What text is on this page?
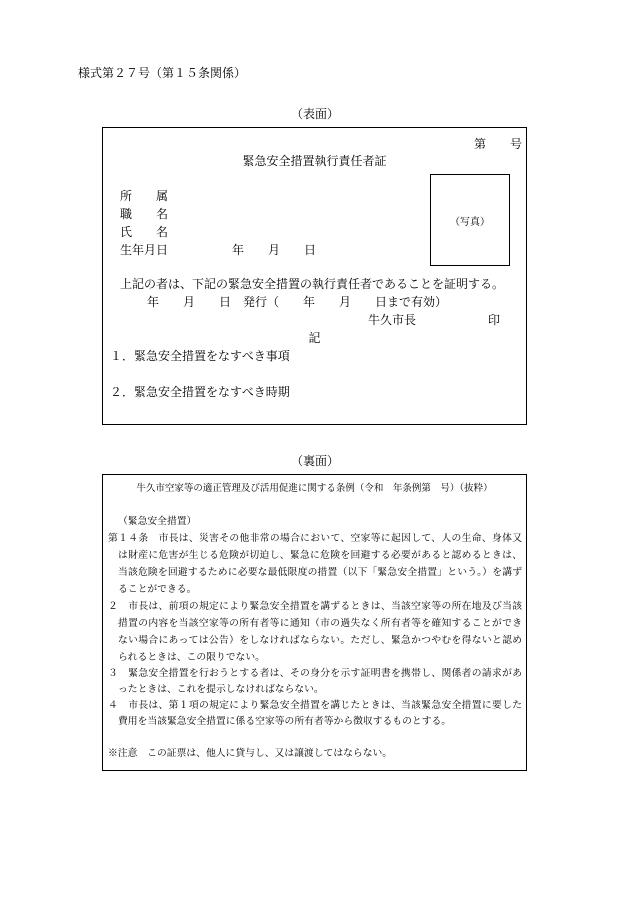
様式第２７号（第１５条関係）
（表面）
第　　号
緊急安全措置執行責任者証
（写真）
所　　属
職　　名
氏　　名
生年月日	年　　月　　日
上記の者は、下記の緊急安全措置の執行責任者であることを証明する。
年　　月　　日　発行（　　年　　月　　日まで有効）
牛久市長	印
記
１．緊急安全措置をなすべき事項
２．緊急安全措置をなすべき時期
（裏面）
牛久市空家等の適正管理及び活用促進に関する条例（令和　年条例第　号）（抜粋）
（緊急安全措置）
第１４条　市長は、災害その他非常の場合において、空家等に起因して、人の生命、身体又
は財産に危害が生じる危険が切迫し、緊急に危険を回避する必要があると認めるときは、
当該危険を回避するために必要な最低限度の措置（以下「緊急安全措置」という。）を講ず
ることができる。
２　市長は、前項の規定により緊急安全措置を講ずるときは、当該空家等の所在地及び当該
措置の内容を当該空家等の所有者等に通知（市の過失なく所有者等を確知することができ
ない場合にあっては公告）をしなければならない。ただし、緊急かつやむを得ないと認め
られるときは、この限りでない。
３　緊急安全措置を行おうとする者は、その身分を示す証明書を携帯し、関係者の請求があ
ったときは、これを提示しなければならない。
４　市長は、第１項の規定により緊急安全措置を講じたときは、当該緊急安全措置に要した
費用を当該緊急安全措置に係る空家等の所有者等から徴収するものとする。
※注意　この証票は、他人に貸与し、又は譲渡してはならない。
